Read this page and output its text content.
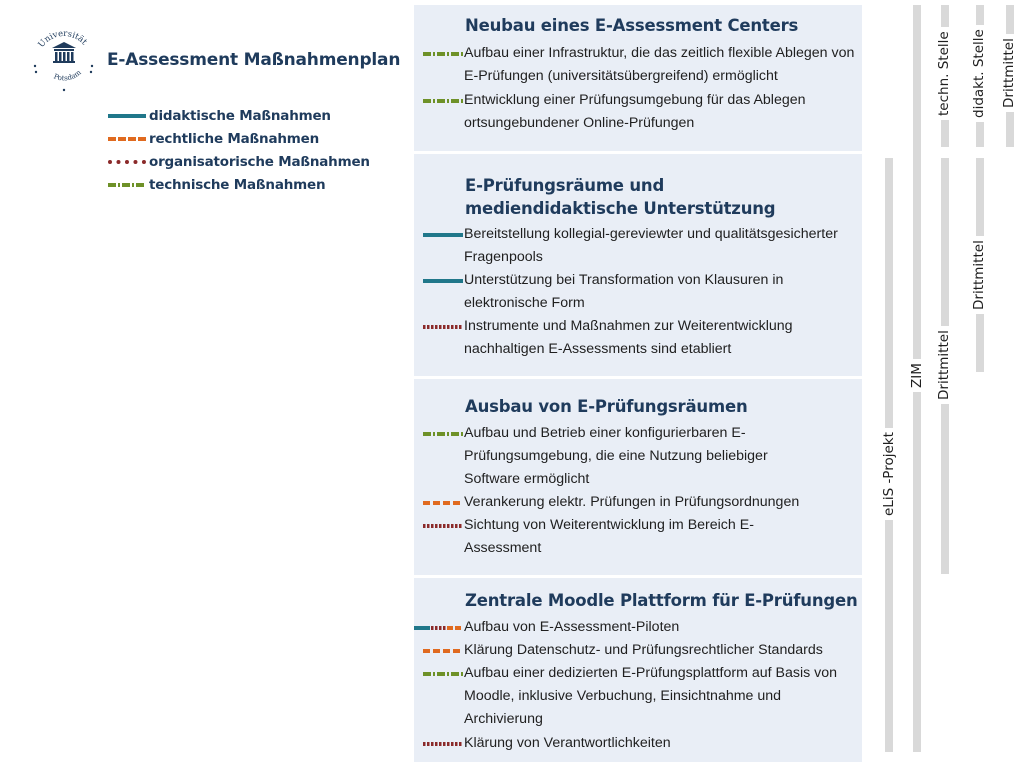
Universität
Potsdam
E-Assessment Maßnahmenplan
didaktische Maßnahmen
rechtliche Maßnahmen
organisatorische Maßnahmen
technische Maßnahmen
Neubau eines E-Assessment Centers
Aufbau einer Infrastruktur, die das zeitlich flexible Ablegen von E-Prüfungen (universitätsübergreifend) ermöglicht
Entwicklung einer Prüfungsumgebung für das Ablegen ortsungebundener Online-Prüfungen
E-Prüfungsräume und mediendidaktische Unterstützung
Bereitstellung kollegial-gereviewter und qualitätsgesicherter Fragenpools
Unterstützung bei Transformation von Klausuren in elektronische Form
Instrumente und Maßnahmen zur Weiterentwicklung nachhaltigen E-Assessments sind etabliert
Ausbau von E-Prüfungsräumen
Aufbau und Betrieb einer konfigurierbaren E-Prüfungsumgebung, die eine Nutzung beliebiger Software ermöglicht
Verankerung elektr. Prüfungen in Prüfungsordnungen
Sichtung von Weiterentwicklung im Bereich E-Assessment
Zentrale Moodle Plattform für E-Prüfungen
Aufbau von E-Assessment-Piloten
Klärung Datenschutz- und Prüfungsrechtlicher Standards
Aufbau einer dedizierten E-Prüfungsplattform auf Basis von Moodle, inklusive Verbuchung, Einsichtnahme und Archivierung
Klärung von Verantwortlichkeiten
eLiS -Projekt
ZIM Drittmittel
techn. Stelle
Drittmittel
didakt. Stelle Drittmittel
